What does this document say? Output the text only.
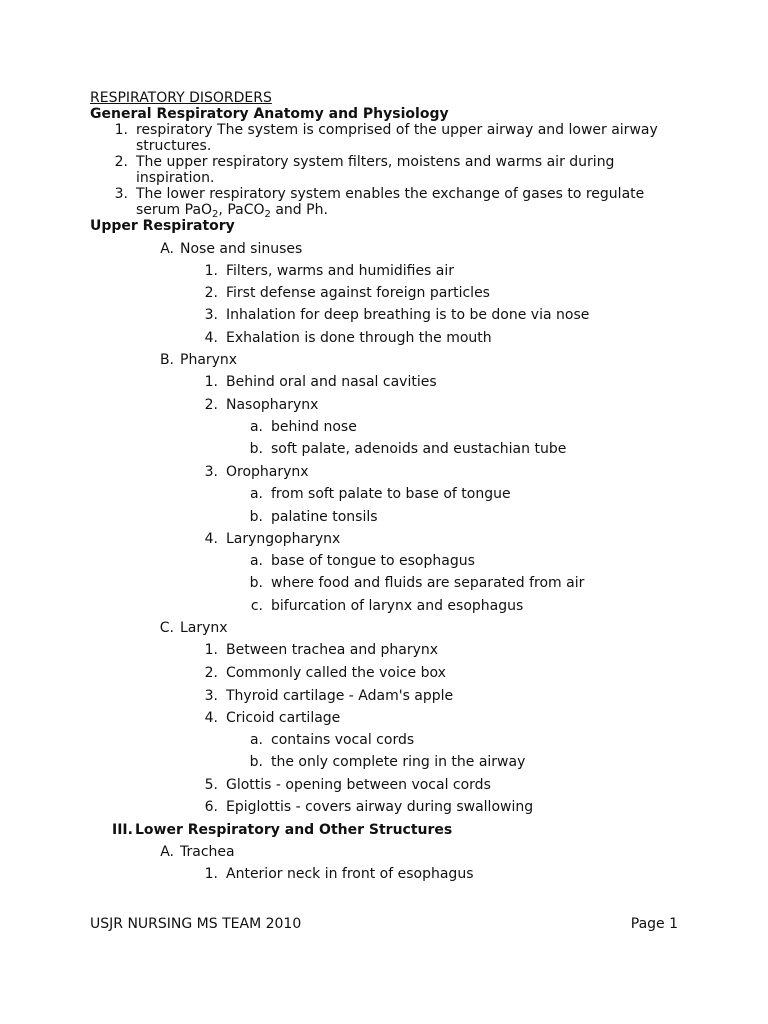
RESPIRATORY DISORDERS
General Respiratory Anatomy and Physiology
1. respiratory The system is comprised of the upper airway and lower airway
structures.
2. The upper respiratory system filters, moistens and warms air during
inspiration.
3. The lower respiratory system enables the exchange of gases to regulate
serum PaO$_2$, PaCO$_2$ and Ph.
Upper Respiratory
A. Nose and sinuses
1. Filters, warms and humidifies air
2. First defense against foreign particles
3. Inhalation for deep breathing is to be done via nose
4. Exhalation is done through the mouth
B. Pharynx
1. Behind oral and nasal cavities
2. Nasopharynx
a. behind nose
b. soft palate, adenoids and eustachian tube
3. Oropharynx
a. from soft palate to base of tongue
b. palatine tonsils
4. Laryngopharynx
a. base of tongue to esophagus
b. where food and fluids are separated from air
c. bifurcation of larynx and esophagus
C. Larynx
1. Between trachea and pharynx
2. Commonly called the voice box
3. Thyroid cartilage - Adam's apple
4. Cricoid cartilage
a. contains vocal cords
b. the only complete ring in the airway
5. Glottis - opening between vocal cords
6. Epiglottis - covers airway during swallowing
III. Lower Respiratory and Other Structures
A. Trachea
1. Anterior neck in front of esophagus
USJR NURSING MS TEAM 2010	Page 1
